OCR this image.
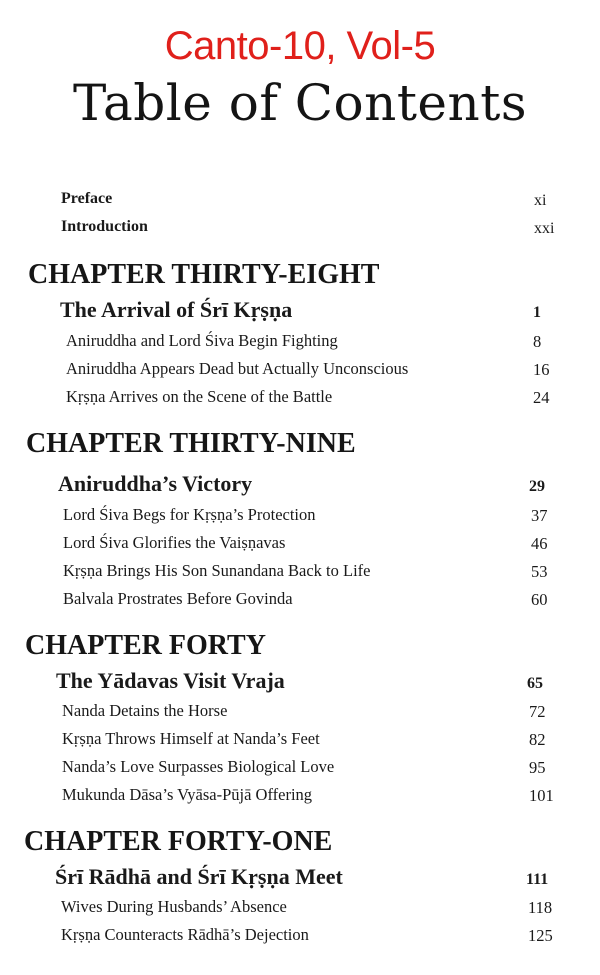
Canto-10, Vol-5
Table of Contents
Preface	xi
Introduction	xxi
CHAPTER THIRTY-EIGHT
The Arrival of Śrī Kṛṣṇa	1
Aniruddha and Lord Śiva Begin Fighting	8
Aniruddha Appears Dead but Actually Unconscious	16
Kṛṣṇa Arrives on the Scene of the Battle	24
CHAPTER THIRTY-NINE
Aniruddha’s Victory	29
Lord Śiva Begs for Kṛṣṇa’s Protection	37
Lord Śiva Glorifies the Vaiṣṇavas	46
Kṛṣṇa Brings His Son Sunandana Back to Life	53
Balvala Prostrates Before Govinda	60
CHAPTER FORTY
The Yādavas Visit Vraja	65
Nanda Detains the Horse	72
Kṛṣṇa Throws Himself at Nanda’s Feet	82
Nanda’s Love Surpasses Biological Love	95
Mukunda Dāsa’s Vyāsa-Pūjā Offering	101
CHAPTER FORTY-ONE
Śrī Rādhā and Śrī Kṛṣṇa Meet	111
Wives During Husbands’ Absence	118
Kṛṣṇa Counteracts Rādhā’s Dejection	125
